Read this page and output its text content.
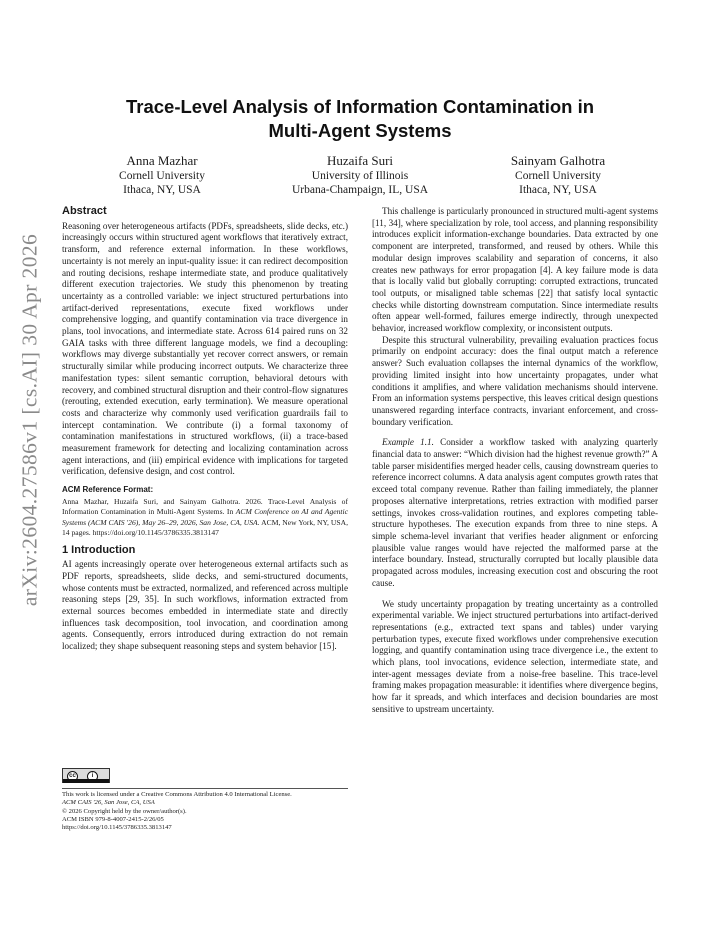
arXiv:2604.27586v1 [cs.AI] 30 Apr 2026
Trace-Level Analysis of Information Contamination in
Multi-Agent Systems
Anna Mazhar
Cornell University
Ithaca, NY, USA
Huzaifa Suri
University of Illinois
Urbana-Champaign, IL, USA
Sainyam Galhotra
Cornell University
Ithaca, NY, USA
Abstract

Reasoning over heterogeneous artifacts (PDFs, spreadsheets, slide decks, etc.) increasingly occurs within structured agent workflows that iteratively extract, transform, and reference external information. In these workflows, uncertainty is not merely an input-quality issue: it can redirect decomposition and routing decisions, reshape intermediate state, and produce qualitatively different execution trajectories. We study this phenomenon by treating uncertainty as a controlled variable: we inject structured perturbations into artifact-derived representations, execute fixed workflows under comprehensive logging, and quantify contamination via trace divergence in plans, tool invocations, and intermediate state. Across 614 paired runs on 32 GAIA tasks with three different language models, we find a decoupling: workflows may diverge substantially yet recover correct answers, or remain structurally similar while producing incorrect outputs. We characterize three manifestation types: silent semantic corruption, behavioral detours with recovery, and combined structural disruption and their control-flow signatures (rerouting, extended execution, early termination). We measure operational costs and characterize why commonly used verification guardrails fail to intercept contamination. We contribute (i) a formal taxonomy of contamination manifestations in structured workflows, (ii) a trace-based measurement framework for detecting and localizing contamination across agent interactions, and (iii) empirical evidence with implications for targeted verification, defensive design, and cost control.

ACM Reference Format:

Anna Mazhar, Huzaifa Suri, and Sainyam Galhotra. 2026. Trace-Level Analysis of Information Contamination in Multi-Agent Systems. In ACM Conference on AI and Agentic Systems (ACM CAIS '26), May 26–29, 2026, San Jose, CA, USA. ACM, New York, NY, USA, 14 pages. https://doi.org/10.1145/3786335.3813147

1 Introduction

AI agents increasingly operate over heterogeneous external artifacts such as PDF reports, spreadsheets, slide decks, and semi-structured documents, whose contents must be extracted, normalized, and referenced across multiple reasoning steps [29, 35]. In such workflows, information extracted from external sources becomes embedded in intermediate state and directly influences task decomposition, tool invocation, and coordination among agents. Consequently, errors introduced during extraction do not remain localized; they shape subsequent reasoning steps and system behavior [15].

cc	i
This work is licensed under a Creative Commons Attribution 4.0 International License.
ACM CAIS '26, San Jose, CA, USA
© 2026 Copyright held by the owner/author(s).
ACM ISBN 979-8-4007-2415-2/26/05
https://doi.org/10.1145/3786335.3813147

This challenge is particularly pronounced in structured multi-agent systems [11, 34], where specialization by role, tool access, and planning responsibility introduces explicit information-exchange boundaries. Data extracted by one component are interpreted, transformed, and reused by others. While this modular design improves scalability and separation of concerns, it also creates new pathways for error propagation [4]. A key failure mode is data that is locally valid but globally corrupting: corrupted extractions, truncated tool outputs, or misaligned table schemas [22] that satisfy local syntactic checks while distorting downstream computation. Since intermediate results often appear well-formed, failures emerge indirectly, through unexpected behavior, increased workflow complexity, or inconsistent outputs.

Despite this structural vulnerability, prevailing evaluation practices focus primarily on endpoint accuracy: does the final output match a reference answer? Such evaluation collapses the internal dynamics of the workflow, providing limited insight into how uncertainty propagates, under what conditions it amplifies, and where validation mechanisms should intervene. From an information systems perspective, this leaves critical design questions unanswered regarding interface contracts, invariant enforcement, and cross-boundary verification.

Example 1.1. Consider a workflow tasked with analyzing quarterly financial data to answer: “Which division had the highest revenue growth?” A table parser misidentifies merged header cells, causing downstream queries to reference incorrect columns. A data analysis agent computes growth rates that exceed total company revenue. Rather than failing immediately, the planner proposes alternative interpretations, retries extraction with modified parser settings, invokes cross-validation routines, and explores competing table-structure hypotheses. The execution expands from three to nine steps. A simple schema-level invariant that verifies header alignment or enforcing plausible value ranges would have rejected the malformed parse at the interface boundary. Instead, structurally corrupted but locally plausible data propagated across modules, increasing execution cost and obscuring the root cause.

We study uncertainty propagation by treating uncertainty as a controlled experimental variable. We inject structured perturbations into artifact-derived representations (e.g., extracted text spans and tables) under varying perturbation types, execute fixed workflows under comprehensive execution logging, and quantify contamination using trace divergence i.e., the extent to which plans, tool invocations, evidence selection, intermediate state, and inter-agent messages deviate from a noise-free baseline. This trace-level framing makes propagation measurable: it identifies where divergence begins, how far it spreads, and which interfaces and decision boundaries are most sensitive to upstream uncertainty.
